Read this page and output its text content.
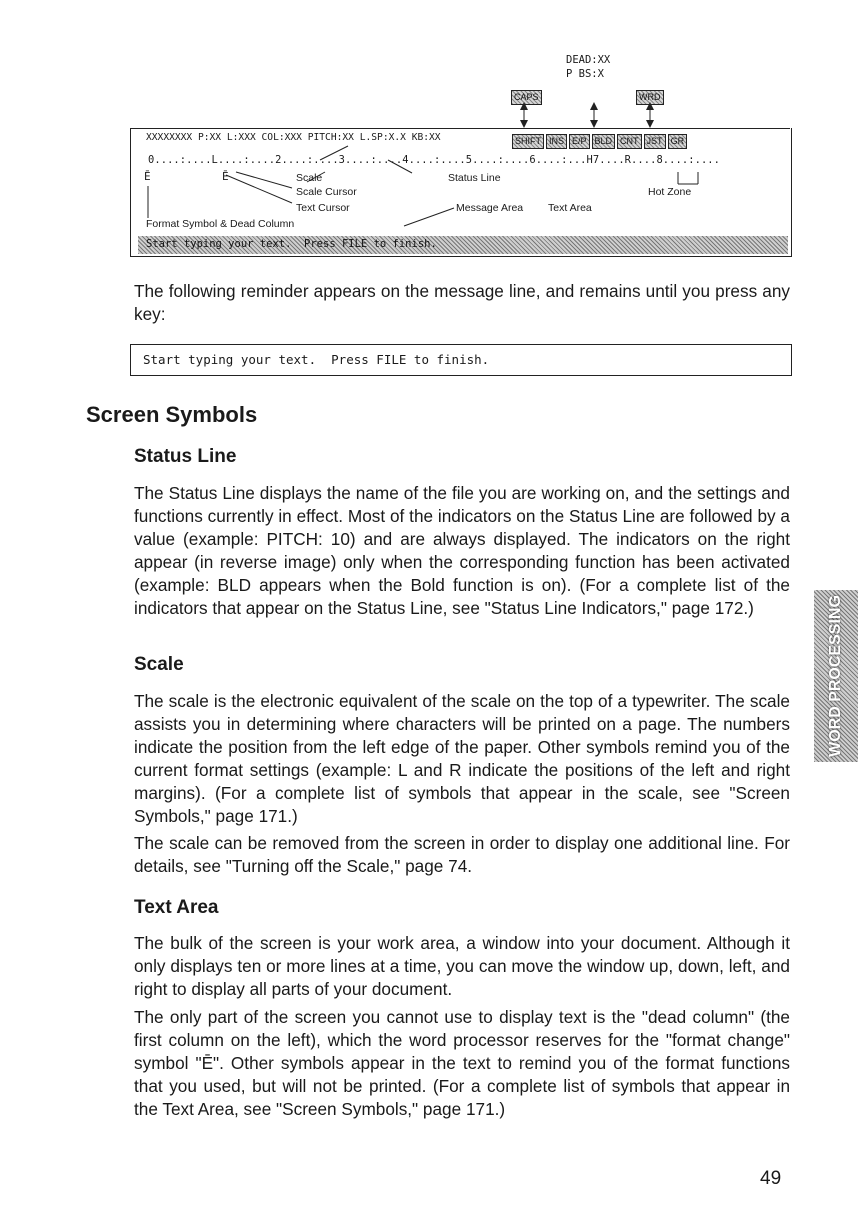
DEAD:XX
P BS:X
CAPS	WRD
XXXXXXXX P:XX L:XXX COL:XXX PITCH:XX L.SP:X.X KB:XX	SHIFT INS E/P BLD CNT JST GR
0....:....L....:....2....:....3....:....4....:....5....:....6....:...H7....R....8....:....
Ē	Ē	Scale
Scale Cursor
Text Cursor
Status Line
Hot Zone
Message Area Text Area
Format Symbol & Dead Column
Start typing your text.  Press FILE to finish.

The following reminder appears on the message line, and remains until you press any key:

Start typing your text.  Press FILE to finish.
Screen Symbols
Status Line

The Status Line displays the name of the file you are working on, and the settings and functions currently in effect. Most of the indicators on the Status Line are followed by a value (example: PITCH: 10) and are always displayed. The indicators on the right appear (in reverse image) only when the corresponding function has been activated (example: BLD appears when the Bold function is on). (For a complete list of the indicators that appear on the Status Line, see "Status Line Indicators," page 172.)

Scale

The scale is the electronic equivalent of the scale on the top of a typewriter. The scale assists you in determining where characters will be printed on a page. The numbers indicate the position from the left edge of the paper. Other symbols remind you of the current format settings (example: L and R indicate the positions of the left and right margins). (For a complete list of symbols that appear in the scale, see "Screen Symbols," page 171.)

The scale can be removed from the screen in order to display one additional line. For details, see "Turning off the Scale," page 74.

Text Area

The bulk of the screen is your work area, a window into your document. Although it only displays ten or more lines at a time, you can move the window up, down, left, and right to display all parts of your document.

The only part of the screen you cannot use to display text is the "dead column" (the first column on the left), which the word processor reserves for the "format change" symbol "Ē". Other symbols appear in the text to remind you of the format functions that you used, but will not be printed. (For a complete list of symbols that appear in the Text Area, see "Screen Symbols," page 171.)

WORD PROCESSING
49
